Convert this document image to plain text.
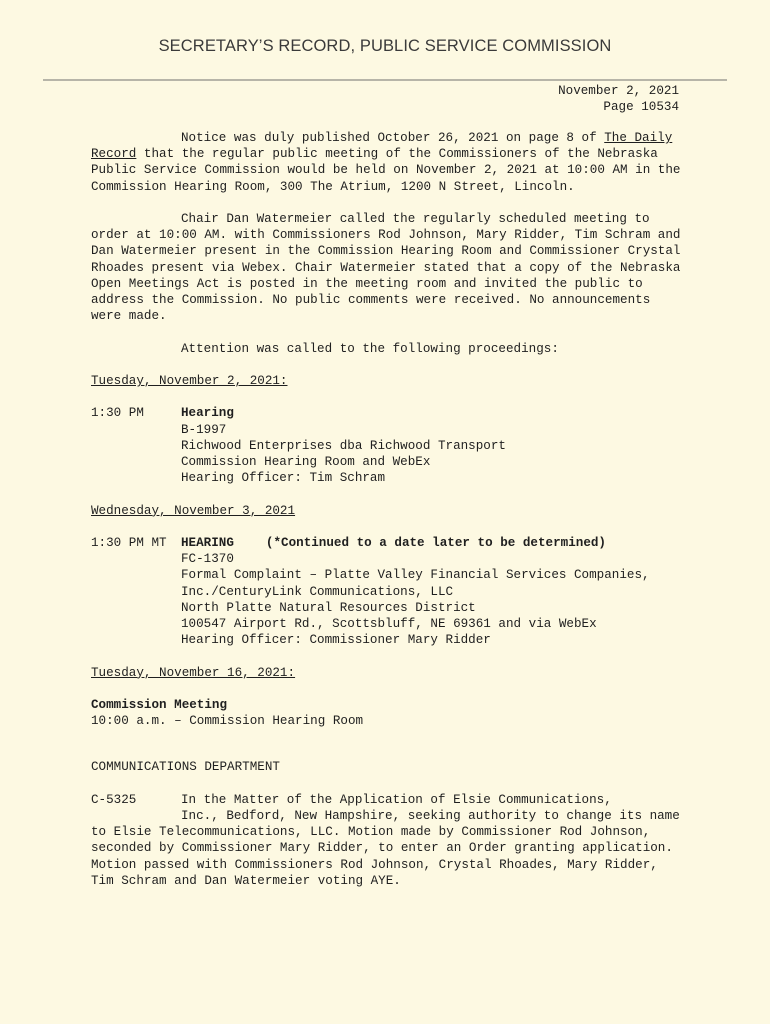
SECRETARY’S RECORD, PUBLIC SERVICE COMMISSION
November 2, 2021
Page 10534

Notice was duly published October 26, 2021 on page 8 of The Daily Record that the regular public meeting of the Commissioners of the Nebraska Public Service Commission would be held on November 2, 2021 at 10:00 AM in the Commission Hearing Room, 300 The Atrium, 1200 N Street, Lincoln.

Chair Dan Watermeier called the regularly scheduled meeting to order at 10:00 AM. with Commissioners Rod Johnson, Mary Ridder, Tim Schram and Dan Watermeier present in the Commission Hearing Room and Commissioner Crystal Rhoades present via Webex. Chair Watermeier stated that a copy of the Nebraska Open Meetings Act is posted in the meeting room and invited the public to address the Commission. No public comments were received. No announcements were made.

Attention was called to the following proceedings:

Tuesday, November 2, 2021:
1:30 PM	Hearing
B-1997
Richwood Enterprises dba Richwood Transport
Commission Hearing Room and WebEx
Hearing Officer: Tim Schram
Wednesday, November 3, 2021
1:30 PM MT	HEARING	(*Continued to a date later to be determined)
FC-1370
Formal Complaint – Platte Valley Financial Services Companies, Inc./CenturyLink Communications, LLC
North Platte Natural Resources District
100547 Airport Rd., Scottsbluff, NE 69361 and via WebEx
Hearing Officer: Commissioner Mary Ridder
Tuesday, November 16, 2021:
Commission Meeting
10:00 a.m. – Commission Hearing Room
COMMUNICATIONS DEPARTMENT
C-5325	In the Matter of the Application of Elsie Communications,

Inc., Bedford, New Hampshire, seeking authority to change its name to Elsie Telecommunications, LLC. Motion made by Commissioner Rod Johnson, seconded by Commissioner Mary Ridder, to enter an Order granting application. Motion passed with Commissioners Rod Johnson, Crystal Rhoades, Mary Ridder, Tim Schram and Dan Watermeier voting AYE.
